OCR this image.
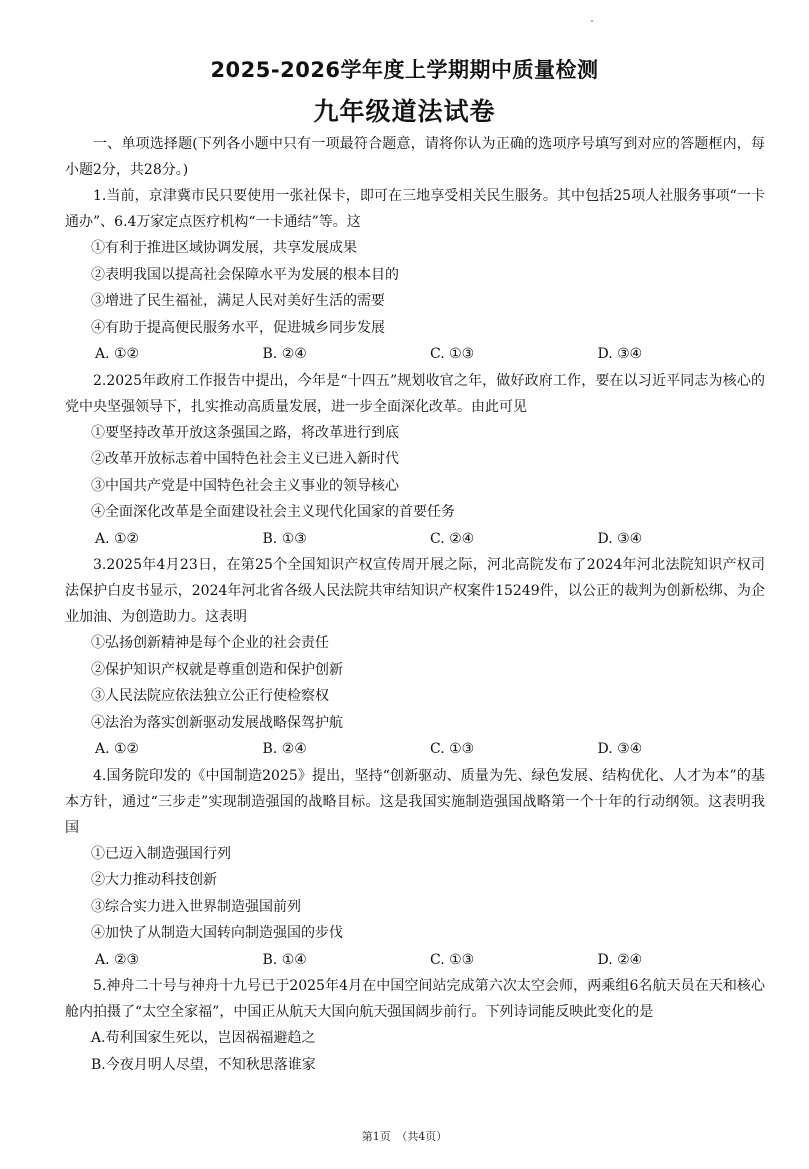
2025-2026学年度上学期期中质量检测
九年级道法试卷

一、单项选择题(下列各小题中只有一项最符合题意，请将你认为正确的选项序号填写到对应的答题框内，每小题2分，共28分。)

1.当前，京津冀市民只要使用一张社保卡，即可在三地享受相关民生服务。其中包括25项人社服务事项“一卡通办”、6.4万家定点医疗机构“一卡通结”等。这

①有利于推进区域协调发展，共享发展成果

②表明我国以提高社会保障水平为发展的根本目的

③增进了民生福祉，满足人民对美好生活的需要

④有助于提高便民服务水平，促进城乡同步发展

A. ①②	B. ②④	C. ①③	D. ③④

2.2025年政府工作报告中提出，今年是“十四五”规划收官之年，做好政府工作，要在以习近平同志为核心的党中央坚强领导下，扎实推动高质量发展，进一步全面深化改革。由此可见

①要坚持改革开放这条强国之路，将改革进行到底

②改革开放标志着中国特色社会主义已进入新时代

③中国共产党是中国特色社会主义事业的领导核心

④全面深化改革是全面建设社会主义现代化国家的首要任务

A. ①②	B. ①③	C. ②④	D. ③④

3.2025年4月23日，在第25个全国知识产权宣传周开展之际，河北高院发布了2024年河北法院知识产权司法保护白皮书显示，2024年河北省各级人民法院共审结知识产权案件15249件，以公正的裁判为创新松绑、为企业加油、为创造助力。这表明

①弘扬创新精神是每个企业的社会责任

②保护知识产权就是尊重创造和保护创新

③人民法院应依法独立公正行使检察权

④法治为落实创新驱动发展战略保驾护航

A. ①②	B. ②④	C. ①③	D. ③④

4.国务院印发的《中国制造2025》提出，坚持“创新驱动、质量为先、绿色发展、结构优化、人才为本”的基本方针，通过“三步走”实现制造强国的战略目标。这是我国实施制造强国战略第一个十年的行动纲领。这表明我国

①已迈入制造强国行列

②大力推动科技创新

③综合实力进入世界制造强国前列

④加快了从制造大国转向制造强国的步伐

A. ②③	B. ①④	C. ①③	D. ②④

5.神舟二十号与神舟十九号已于2025年4月在中国空间站完成第六次太空会师，两乘组6名航天员在天和核心舱内拍摄了“太空全家福”，中国正从航天大国向航天强国阔步前行。下列诗词能反映此变化的是

A.苟利国家生死以，岂因祸福避趋之

B.今夜月明人尽望，不知秋思落谁家

第1页　（共4页）
